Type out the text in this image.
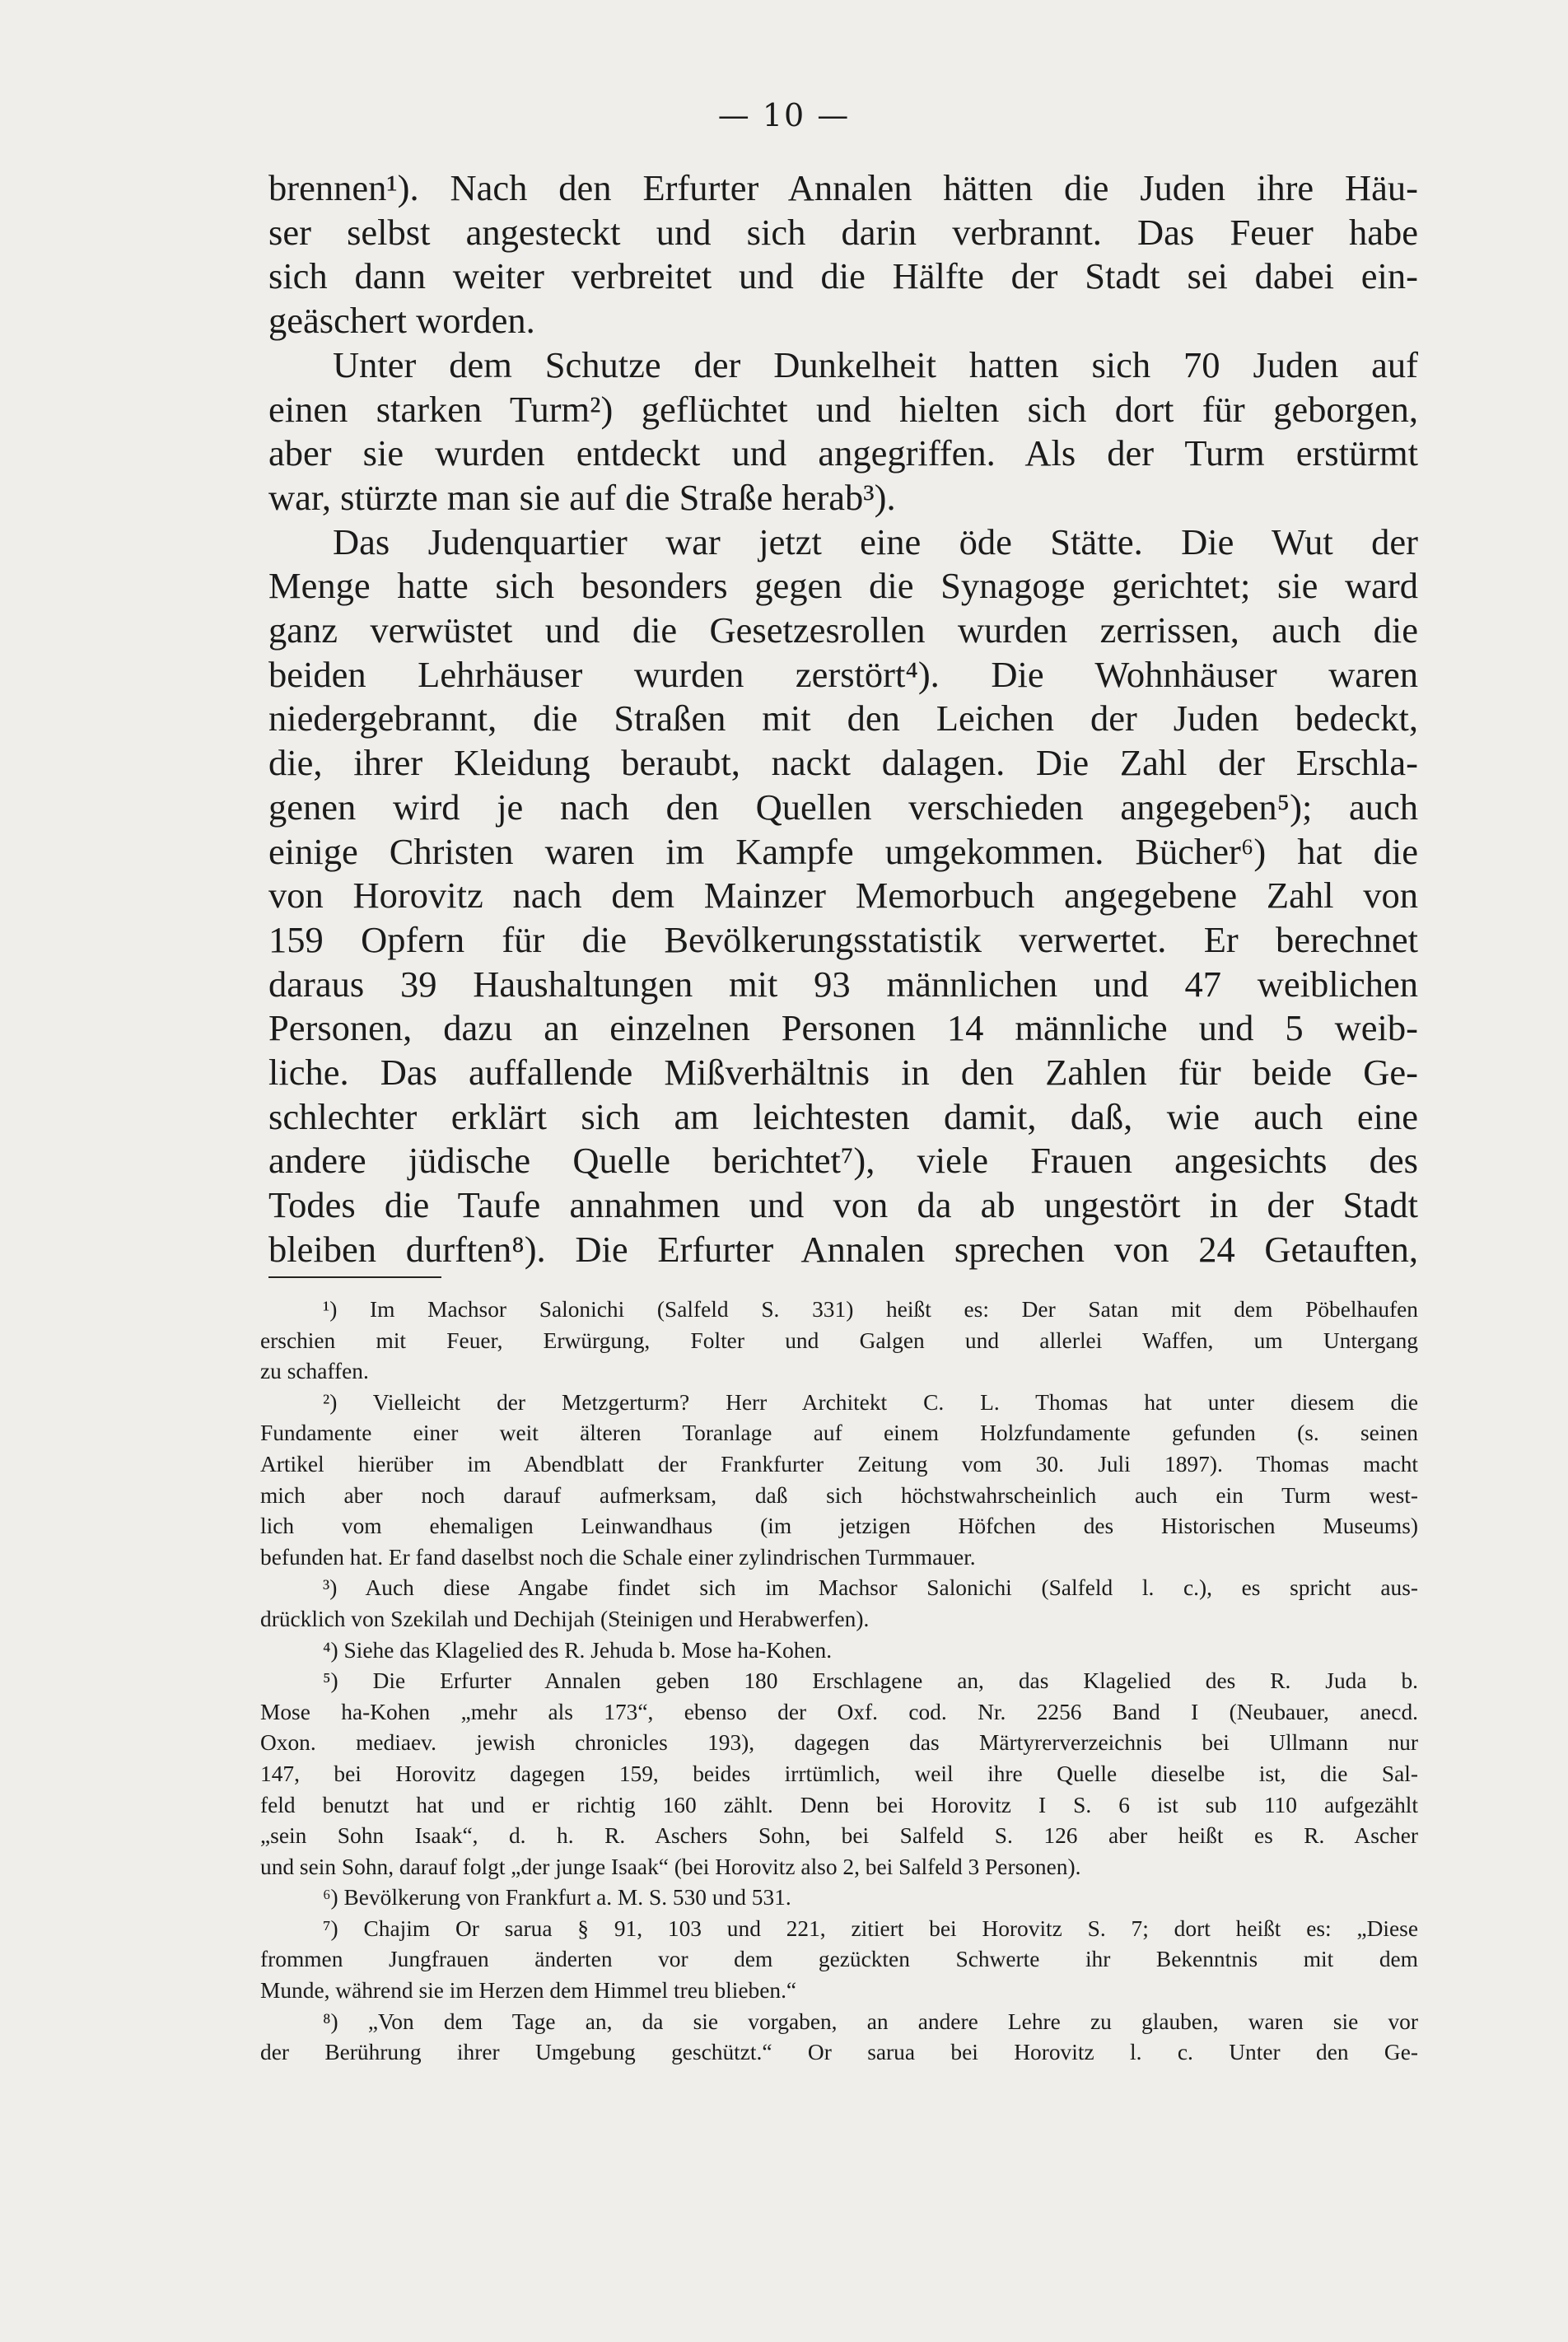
— 10 —
brennen¹). Nach den Erfurter Annalen hätten die Juden ihre Häu-
ser selbst angesteckt und sich darin verbrannt. Das Feuer habe
sich dann weiter verbreitet und die Hälfte der Stadt sei dabei ein-
geäschert worden.
Unter dem Schutze der Dunkelheit hatten sich 70 Juden auf
einen starken Turm²) geflüchtet und hielten sich dort für geborgen,
aber sie wurden entdeckt und angegriffen. Als der Turm erstürmt
war, stürzte man sie auf die Straße herab³).
Das Judenquartier war jetzt eine öde Stätte. Die Wut der
Menge hatte sich besonders gegen die Synagoge gerichtet; sie ward
ganz verwüstet und die Gesetzesrollen wurden zerrissen, auch die
beiden Lehrhäuser wurden zerstört⁴). Die Wohnhäuser waren
niedergebrannt, die Straßen mit den Leichen der Juden bedeckt,
die, ihrer Kleidung beraubt, nackt dalagen. Die Zahl der Erschla-
genen wird je nach den Quellen verschieden angegeben⁵); auch
einige Christen waren im Kampfe umgekommen. Bücher⁶) hat die
von Horovitz nach dem Mainzer Memorbuch angegebene Zahl von
159 Opfern für die Bevölkerungsstatistik verwertet. Er berechnet
daraus 39 Haushaltungen mit 93 männlichen und 47 weiblichen
Personen, dazu an einzelnen Personen 14 männliche und 5 weib-
liche. Das auffallende Mißverhältnis in den Zahlen für beide Ge-
schlechter erklärt sich am leichtesten damit, daß, wie auch eine
andere jüdische Quelle berichtet⁷), viele Frauen angesichts des
Todes die Taufe annahmen und von da ab ungestört in der Stadt
bleiben durften⁸). Die Erfurter Annalen sprechen von 24 Getauften,
¹) Im Machsor Salonichi (Salfeld S. 331) heißt es: Der Satan mit dem Pöbelhaufen
erschien mit Feuer, Erwürgung, Folter und Galgen und allerlei Waffen, um Untergang
zu schaffen.
²) Vielleicht der Metzgerturm? Herr Architekt C. L. Thomas hat unter diesem die
Fundamente einer weit älteren Toranlage auf einem Holzfundamente gefunden (s. seinen
Artikel hierüber im Abendblatt der Frankfurter Zeitung vom 30. Juli 1897). Thomas macht
mich aber noch darauf aufmerksam, daß sich höchstwahrscheinlich auch ein Turm west-
lich vom ehemaligen Leinwandhaus (im jetzigen Höfchen des Historischen Museums)
befunden hat. Er fand daselbst noch die Schale einer zylindrischen Turmmauer.
³) Auch diese Angabe findet sich im Machsor Salonichi (Salfeld l. c.), es spricht aus-
drücklich von Szekilah und Dechijah (Steinigen und Herabwerfen).
⁴) Siehe das Klagelied des R. Jehuda b. Mose ha-Kohen.
⁵) Die Erfurter Annalen geben 180 Erschlagene an, das Klagelied des R. Juda b.
Mose ha-Kohen „mehr als 173“, ebenso der Oxf. cod. Nr. 2256 Band I (Neubauer, anecd.
Oxon. mediaev. jewish chronicles 193), dagegen das Märtyrerverzeichnis bei Ullmann nur
147, bei Horovitz dagegen 159, beides irrtümlich, weil ihre Quelle dieselbe ist, die Sal-
feld benutzt hat und er richtig 160 zählt. Denn bei Horovitz I S. 6 ist sub 110 aufgezählt
„sein Sohn Isaak“, d. h. R. Aschers Sohn, bei Salfeld S. 126 aber heißt es R. Ascher
und sein Sohn, darauf folgt „der junge Isaak“ (bei Horovitz also 2, bei Salfeld 3 Personen).
⁶) Bevölkerung von Frankfurt a. M. S. 530 und 531.
⁷) Chajim Or sarua § 91, 103 und 221, zitiert bei Horovitz S. 7; dort heißt es: „Diese
frommen Jungfrauen änderten vor dem gezückten Schwerte ihr Bekenntnis mit dem
Munde, während sie im Herzen dem Himmel treu blieben.“
⁸) „Von dem Tage an, da sie vorgaben, an andere Lehre zu glauben, waren sie vor
der Berührung ihrer Umgebung geschützt.“ Or sarua bei Horovitz l. c. Unter den Ge-
